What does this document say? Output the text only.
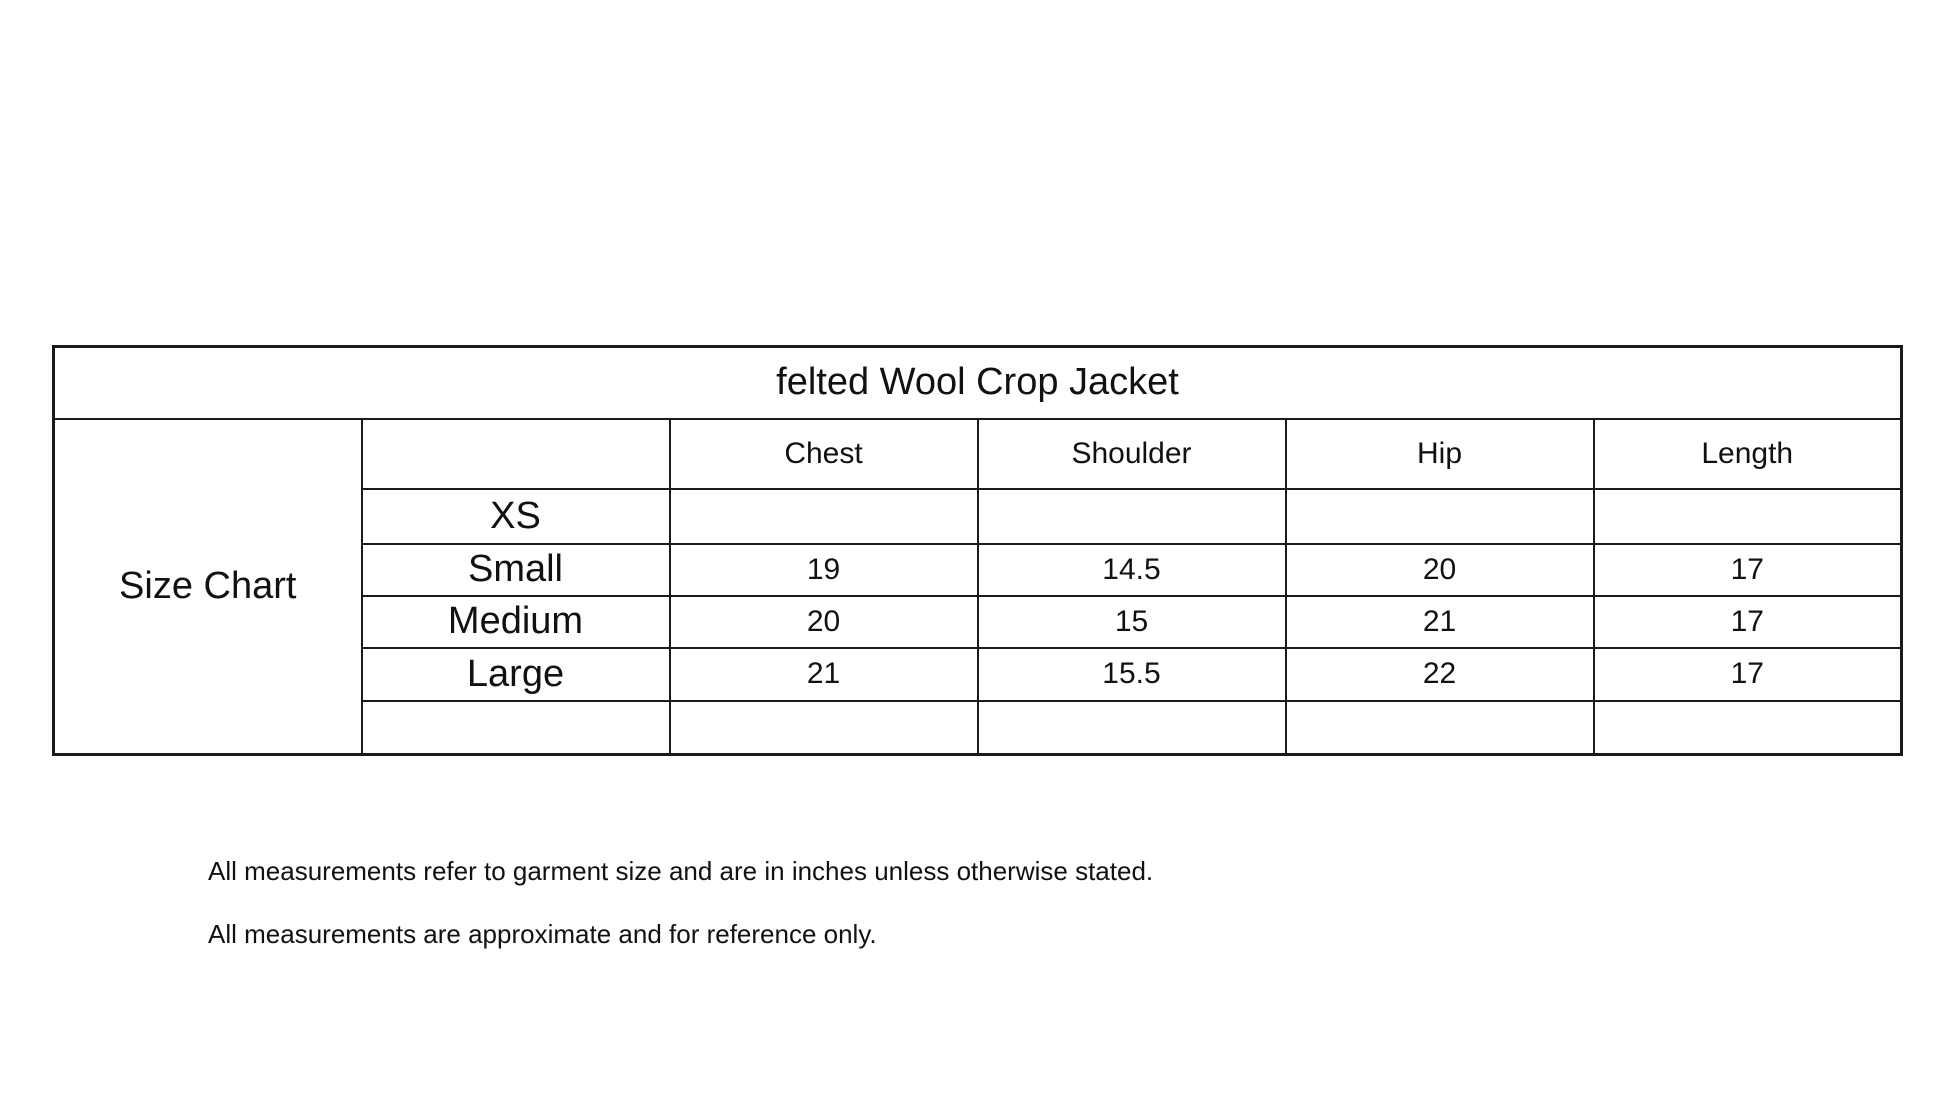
felted Wool Crop Jacket					
Size Chart		Chest	Shoulder	Hip	Length
	XS				
	Small	19	14.5	20	17
	Medium	20	15	21	17
	Large	21	15.5	22	17

All measurements refer to garment size and are in inches unless otherwise stated.

All measurements are approximate and for reference only.
